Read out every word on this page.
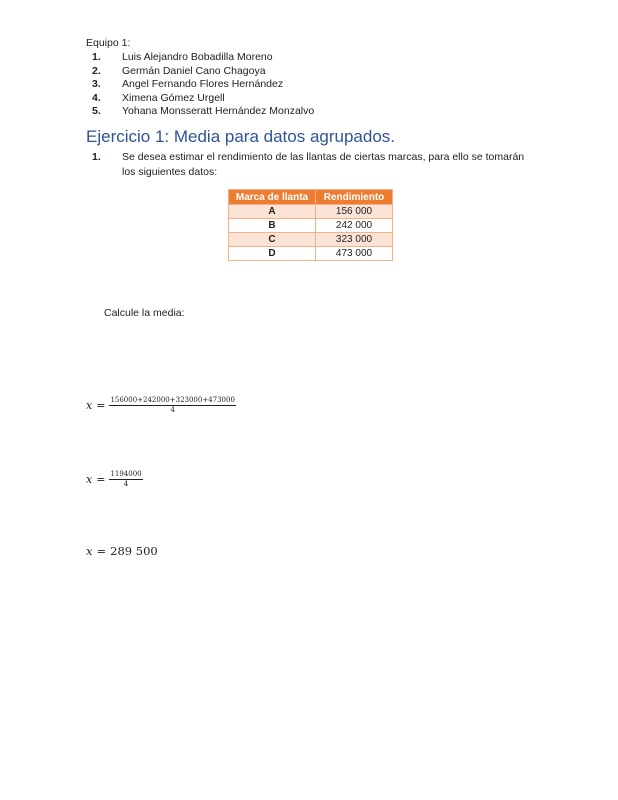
Equipo 1:
1. Luis Alejandro Bobadilla Moreno
2. Germán Daniel Cano Chagoya
3. Angel Fernando Flores Hernández
4. Ximena Gómez Urgell
5. Yohana Monsseratt Hernández Monzalvo
Ejercicio 1: Media para datos agrupados.
1. Se desea estimar el rendimiento de las llantas de ciertas marcas, para ello se tomarán los siguientes datos:
Marca de llanta	Rendimiento
A	156 000
B	242 000
C	323 000
D	473 000
Calcule la media:
$x = \frac{156000+242000+323000+473000}{4}$
$x = \frac{1194000}{4}$
x = 289 500
